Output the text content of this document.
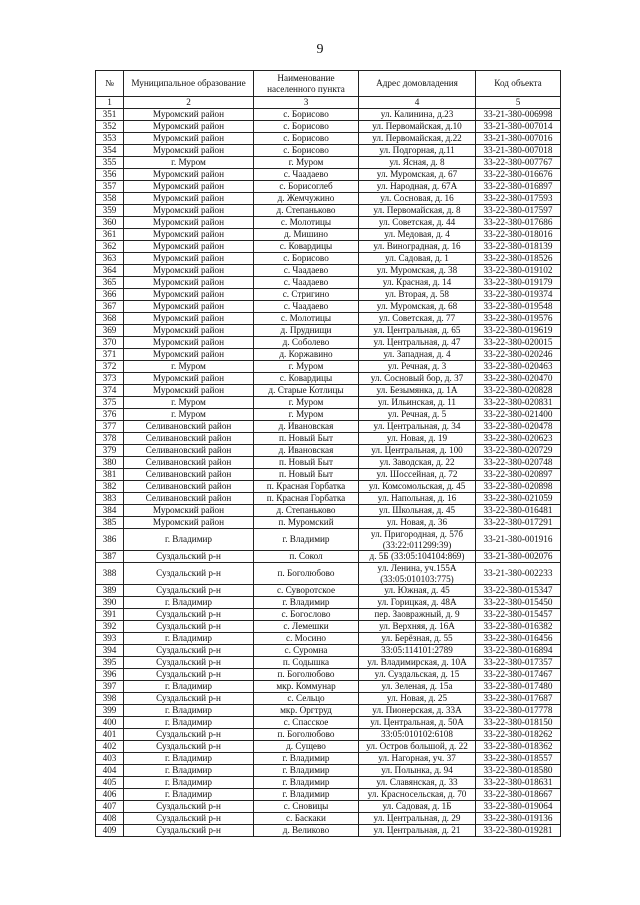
9
№	Муниципальное образование	Наименование населенного пункта	Адрес домовладения	Код объекта
1	2	3	4	5
351	Муромский район	с. Борисово	ул. Калинина, д.23	33-21-380-006998
352	Муромский район	с. Борисово	ул. Первомайская, д.10	33-21-380-007014
353	Муромский район	с. Борисово	ул. Первомайская, д.22	33-21-380-007016
354	Муромский район	с. Борисово	ул. Подгорная, д.11	33-21-380-007018
355	г. Муром	г. Муром	ул. Ясная, д. 8	33-22-380-007767
356	Муромский район	с. Чаадаево	ул. Муромская, д. 67	33-22-380-016676
357	Муромский район	с. Борисоглеб	ул. Народная, д. 67А	33-22-380-016897
358	Муромский район	д. Жемчужино	ул. Сосновая, д. 16	33-22-380-017593
359	Муромский район	д. Степаньково	ул. Первомайская, д. 8	33-22-380-017597
360	Муромский район	с. Молотицы	ул. Советская, д. 44	33-22-380-017686
361	Муромский район	д. Мишино	ул. Медовая, д. 4	33-22-380-018016
362	Муромский район	с. Ковардицы	ул. Виноградная, д. 16	33-22-380-018139
363	Муромский район	с. Борисово	ул. Садовая, д. 1	33-22-380-018526
364	Муромский район	с. Чаадаево	ул. Муромская, д. 38	33-22-380-019102
365	Муромский район	с. Чаадаево	ул. Красная, д. 14	33-22-380-019179
366	Муромский район	с. Стригино	ул. Вторая, д. 58	33-22-380-019374
367	Муромский район	с. Чаадаево	ул. Муромская, д. 68	33-22-380-019548
368	Муромский район	с. Молотицы	ул. Советская, д. 77	33-22-380-019576
369	Муромский район	д. Пруднищи	ул. Центральная, д. 65	33-22-380-019619
370	Муромский район	д. Соболево	ул. Центральная, д. 47	33-22-380-020015
371	Муромский район	д. Коржавино	ул. Западная, д. 4	33-22-380-020246
372	г. Муром	г. Муром	ул. Речная, д. 3	33-22-380-020463
373	Муромский район	с. Ковардицы	ул. Сосновый бор, д. 37	33-22-380-020470
374	Муромский район	д. Старые Котлицы	ул. Безымянка, д. 1А	33-22-380-020828
375	г. Муром	г. Муром	ул. Ильинская, д. 11	33-22-380-020831
376	г. Муром	г. Муром	ул. Речная, д. 5	33-22-380-021400
377	Селивановский район	д. Ивановская	ул. Центральная, д. 34	33-22-380-020478
378	Селивановский район	п. Новый Быт	ул. Новая, д. 19	33-22-380-020623
379	Селивановский район	д. Ивановская	ул. Центральная, д. 100	33-22-380-020729
380	Селивановский район	п. Новый Быт	ул. Заводская, д. 22	33-22-380-020748
381	Селивановский район	п. Новый Быт	ул. Шоссейная, д. 72	33-22-380-020897
382	Селивановский район	п. Красная Горбатка	ул. Комсомольская, д. 45	33-22-380-020898
383	Селивановский район	п. Красная Горбатка	ул. Напольная, д. 16	33-22-380-021059
384	Муромский район	д. Степаньково	ул. Школьная, д. 45	33-22-380-016481
385	Муромский район	п. Муромский	ул. Новая, д. 36	33-22-380-017291
386	г. Владимир	г. Владимир	ул. Пригородная, д. 57б (33:22:011299:39)	33-21-380-001916
387	Суздальский р-н	п. Сокол	д. 5Б (33:05:104104:869)	33-21-380-002076
388	Суздальский р-н	п. Боголюбово	ул. Ленина, уч.155А (33:05:010103:775)	33-21-380-002233
389	Суздальский р-н	с. Суворотское	ул. Южная, д. 45	33-22-380-015347
390	г. Владимир	г. Владимир	ул. Горицкая, д. 48А	33-22-380-015450
391	Суздальский р-н	с. Богослово	пер. Заовражный, д. 9	33-22-380-015457
392	Суздальский р-н	с. Лемешки	ул. Верхняя, д. 16А	33-22-380-016382
393	г. Владимир	с. Мосино	ул. Берёзная, д. 55	33-22-380-016456
394	Суздальский р-н	с. Суромна	33:05:114101:2789	33-22-380-016894
395	Суздальский р-н	п. Содышка	ул. Владимирская, д. 10А	33-22-380-017357
396	Суздальский р-н	п. Боголюбово	ул. Суздальская, д. 15	33-22-380-017467
397	г. Владимир	мкр. Коммунар	ул. Зеленая, д. 15а	33-22-380-017480
398	Суздальский р-н	с. Сельцо	ул. Новая, д. 25	33-22-380-017687
399	г. Владимир	мкр. Оргтруд	ул. Пионерская, д. 33А	33-22-380-017778
400	г. Владимир	с. Спасское	ул. Центральная, д. 50А	33-22-380-018150
401	Суздальский р-н	п. Боголюбово	33:05:010102:6108	33-22-380-018262
402	Суздальский р-н	д. Сущево	ул. Остров большой, д. 22	33-22-380-018362
403	г. Владимир	г. Владимир	ул. Нагорная, уч. 37	33-22-380-018557
404	г. Владимир	г. Владимир	ул. Полынка, д. 94	33-22-380-018580
405	г. Владимир	г. Владимир	ул. Славянская, д. 33	33-22-380-018631
406	г. Владимир	г. Владимир	ул. Красносельская, д. 70	33-22-380-018667
407	Суздальский р-н	с. Сновицы	ул. Садовая, д. 1Б	33-22-380-019064
408	Суздальский р-н	с. Баскаки	ул. Центральная, д. 29	33-22-380-019136
409	Суздальский р-н	д. Великово	ул. Центральная, д. 21	33-22-380-019281
